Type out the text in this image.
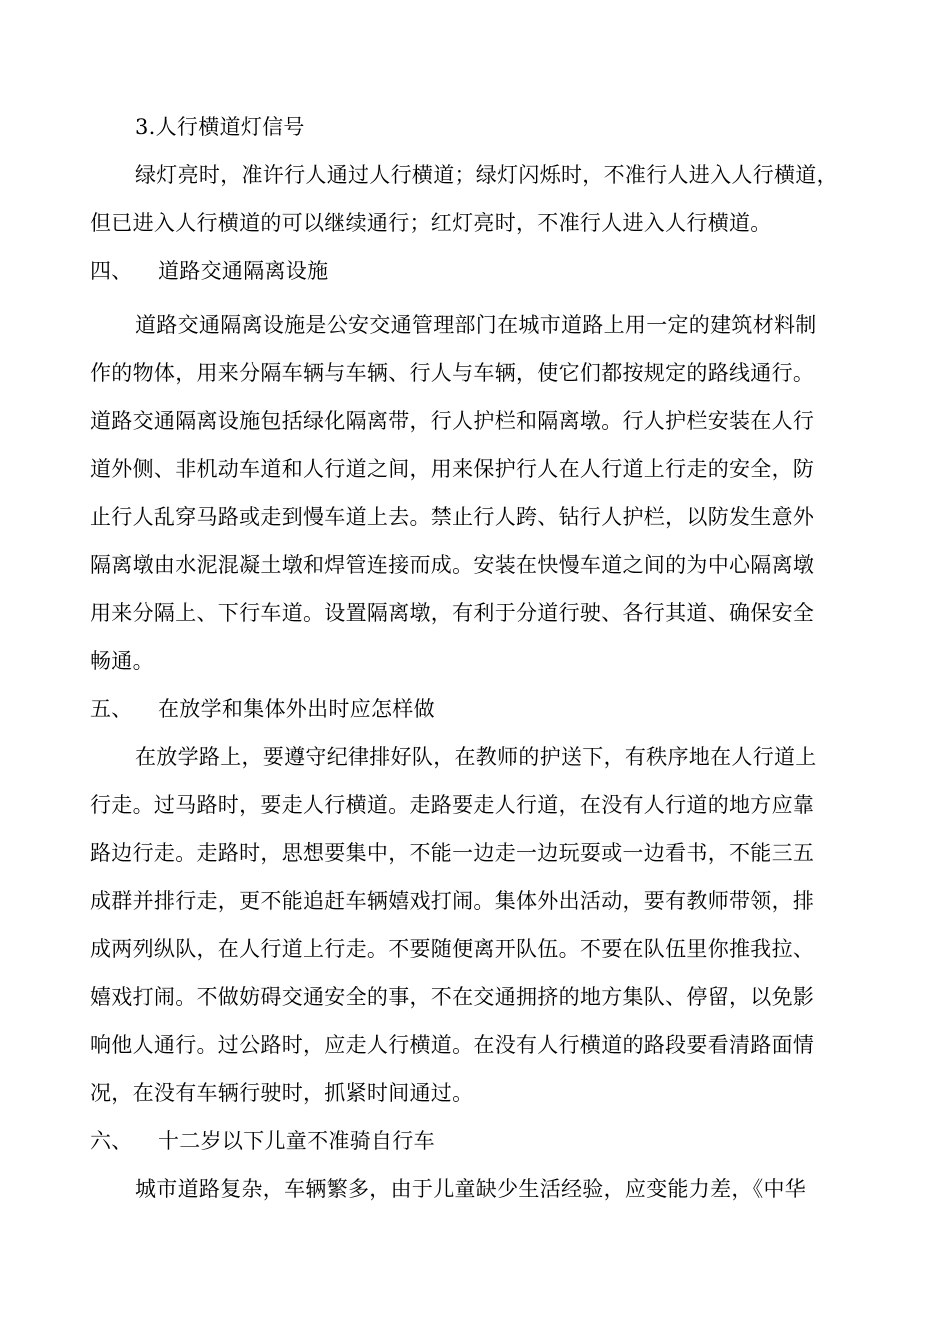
3.人行横道灯信号
绿灯亮时，准许行人通过人行横道；绿灯闪烁时，不准行人进入人行横道，
但已进入人行横道的可以继续通行；红灯亮时，不准行人进入人行横道。
四、 道路交通隔离设施
道路交通隔离设施是公安交通管理部门在城市道路上用一定的建筑材料制
作的物体，用来分隔车辆与车辆、行人与车辆，使它们都按规定的路线通行。
道路交通隔离设施包括绿化隔离带，行人护栏和隔离墩。行人护栏安装在人行
道外侧、非机动车道和人行道之间，用来保护行人在人行道上行走的安全，防
止行人乱穿马路或走到慢车道上去。禁止行人跨、钻行人护栏，以防发生意外
隔离墩由水泥混凝土墩和焊管连接而成。安装在快慢车道之间的为中心隔离墩
用来分隔上、下行车道。设置隔离墩，有利于分道行驶、各行其道、确保安全
畅通。
五、 在放学和集体外出时应怎样做
在放学路上，要遵守纪律排好队，在教师的护送下，有秩序地在人行道上
行走。过马路时，要走人行横道。走路要走人行道，在没有人行道的地方应靠
路边行走。走路时，思想要集中，不能一边走一边玩耍或一边看书，不能三五
成群并排行走，更不能追赶车辆嬉戏打闹。集体外出活动，要有教师带领，排
成两列纵队，在人行道上行走。不要随便离开队伍。不要在队伍里你推我拉、
嬉戏打闹。不做妨碍交通安全的事，不在交通拥挤的地方集队、停留，以免影
响他人通行。过公路时，应走人行横道。在没有人行横道的路段要看清路面情
况，在没有车辆行驶时，抓紧时间通过。
六、 十二岁以下儿童不准骑自行车
城市道路复杂，车辆繁多，由于儿童缺少生活经验，应变能力差，《中华
